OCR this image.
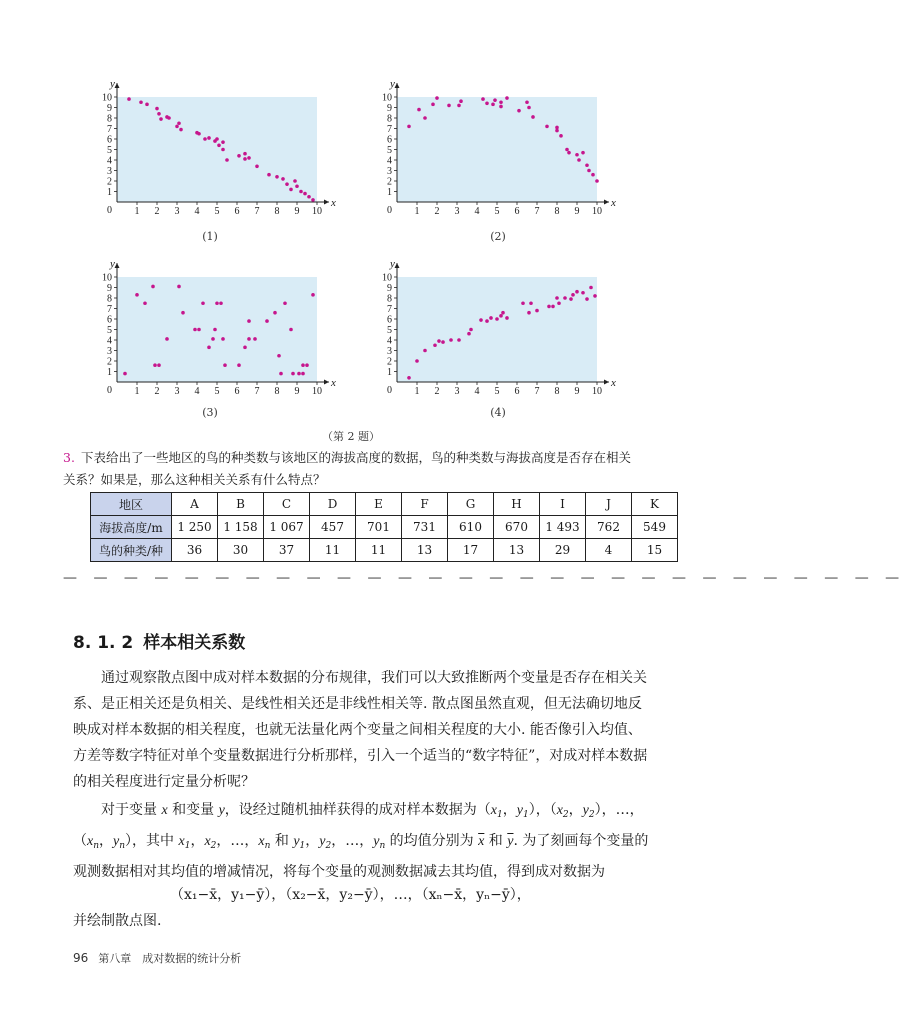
x
y
0 1
1
2
2
3
3
4
4
5
5
6
6
7
7
8
8
9
9
10
10
(1)
x
y
0 1
1
2
2
3
3
4
4
5
5
6
6
7
7
8
8
9
9
10
10
(2)
x
y
0 1
1
2
2
3
3
4
4
5
5
6
6
7
7
8
8
9
9
10
10
(3)
x
y
0 1
1
2
2
3
3
4
4
5
5
6
6
7
7
8
8
9
9
10
10
(4)
（第 2 题）
3. 下表给出了一些地区的鸟的种类数与该地区的海拔高度的数据，鸟的种类数与海拔高度是否存在相关关系？如果是，那么这种相关关系有什么特点？
地区	A	B	C	D	E	F	G	H	I	J	K
海拔高度/m	1 250	1 158	1 067	457	701	731	610	670	1 493	762	549
鸟的种类/种	36	30	37	11	11	13	17	13	29	4	15
— — — — — — — — — — — — — — — — — — — — — — — — — — — —
8. 1. 2 样本相关系数
通过观察散点图中成对样本数据的分布规律，我们可以大致推断两个变量是否存在相关关系、是正相关还是负相关、是线性相关还是非线性相关等. 散点图虽然直观，但无法确切地反映成对样本数据的相关程度，也就无法量化两个变量之间相关程度的大小. 能否像引入均值、方差等数字特征对单个变量数据进行分析那样，引入一个适当的“数字特征”，对成对样本数据的相关程度进行定量分析呢？
对于变量 x 和变量 y，设经过随机抽样获得的成对样本数据为（$x_1$，$y_1$），（$x_2$，$y_2$），…，（$x_n$，$y_n$），其中 $x_1$，$x_2$，…，$x_n$ 和 $y_1$，$y_2$，…，$y_n$ 的均值分别为 $\overline{x}$ 和 $\overline{y}$. 为了刻画每个变量的观测数据相对其均值的增减情况，将每个变量的观测数据减去其均值，得到成对数据为
（x₁−x̄，y₁−ȳ），（x₂−x̄，y₂−ȳ），…，（xₙ−x̄，yₙ−ȳ），
并绘制散点图.
96 第八章　成对数据的统计分析
